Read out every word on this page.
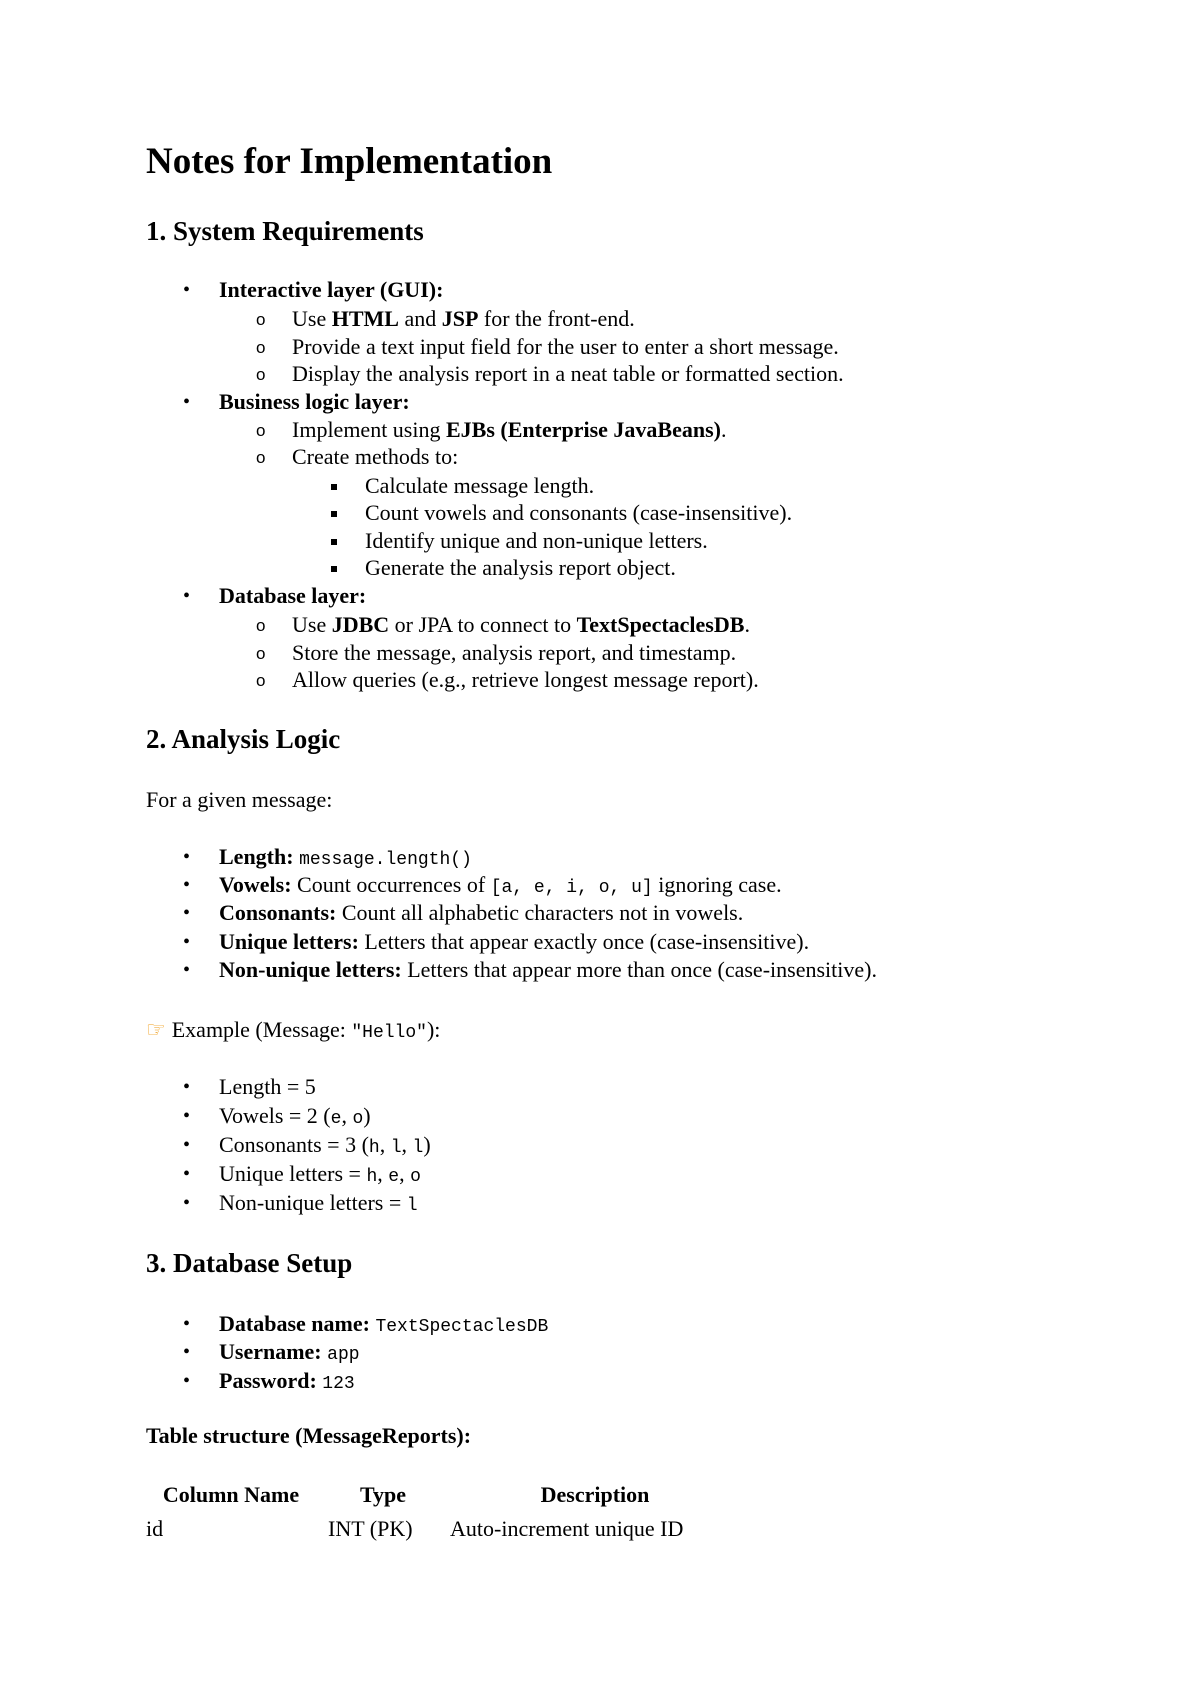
Notes for Implementation
1. System Requirements
• Interactive layer (GUI):
o Use HTML and JSP for the front-end.
o Provide a text input field for the user to enter a short message.
o Display the analysis report in a neat table or formatted section.
• Business logic layer:
o Implement using EJBs (Enterprise JavaBeans).
o Create methods to:
Calculate message length.
Count vowels and consonants (case-insensitive).
Identify unique and non-unique letters.
Generate the analysis report object.
• Database layer:
o Use JDBC or JPA to connect to TextSpectaclesDB.
o Store the message, analysis report, and timestamp.
o Allow queries (e.g., retrieve longest message report).
2. Analysis Logic
For a given message:
• Length: message.length()
• Vowels: Count occurrences of [a, e, i, o, u] ignoring case.
• Consonants: Count all alphabetic characters not in vowels.
• Unique letters: Letters that appear exactly once (case-insensitive).
• Non-unique letters: Letters that appear more than once (case-insensitive).
☞ Example (Message: "Hello"):
• Length = 5
• Vowels = 2 (e, o)
• Consonants = 3 (h, l, l)
• Unique letters = h, e, o
• Non-unique letters = l
3. Database Setup
• Database name: TextSpectaclesDB
• Username: app
• Password: 123
Table structure (MessageReports):
Column Name	Type	Description
id	INT (PK)	Auto-increment unique ID
